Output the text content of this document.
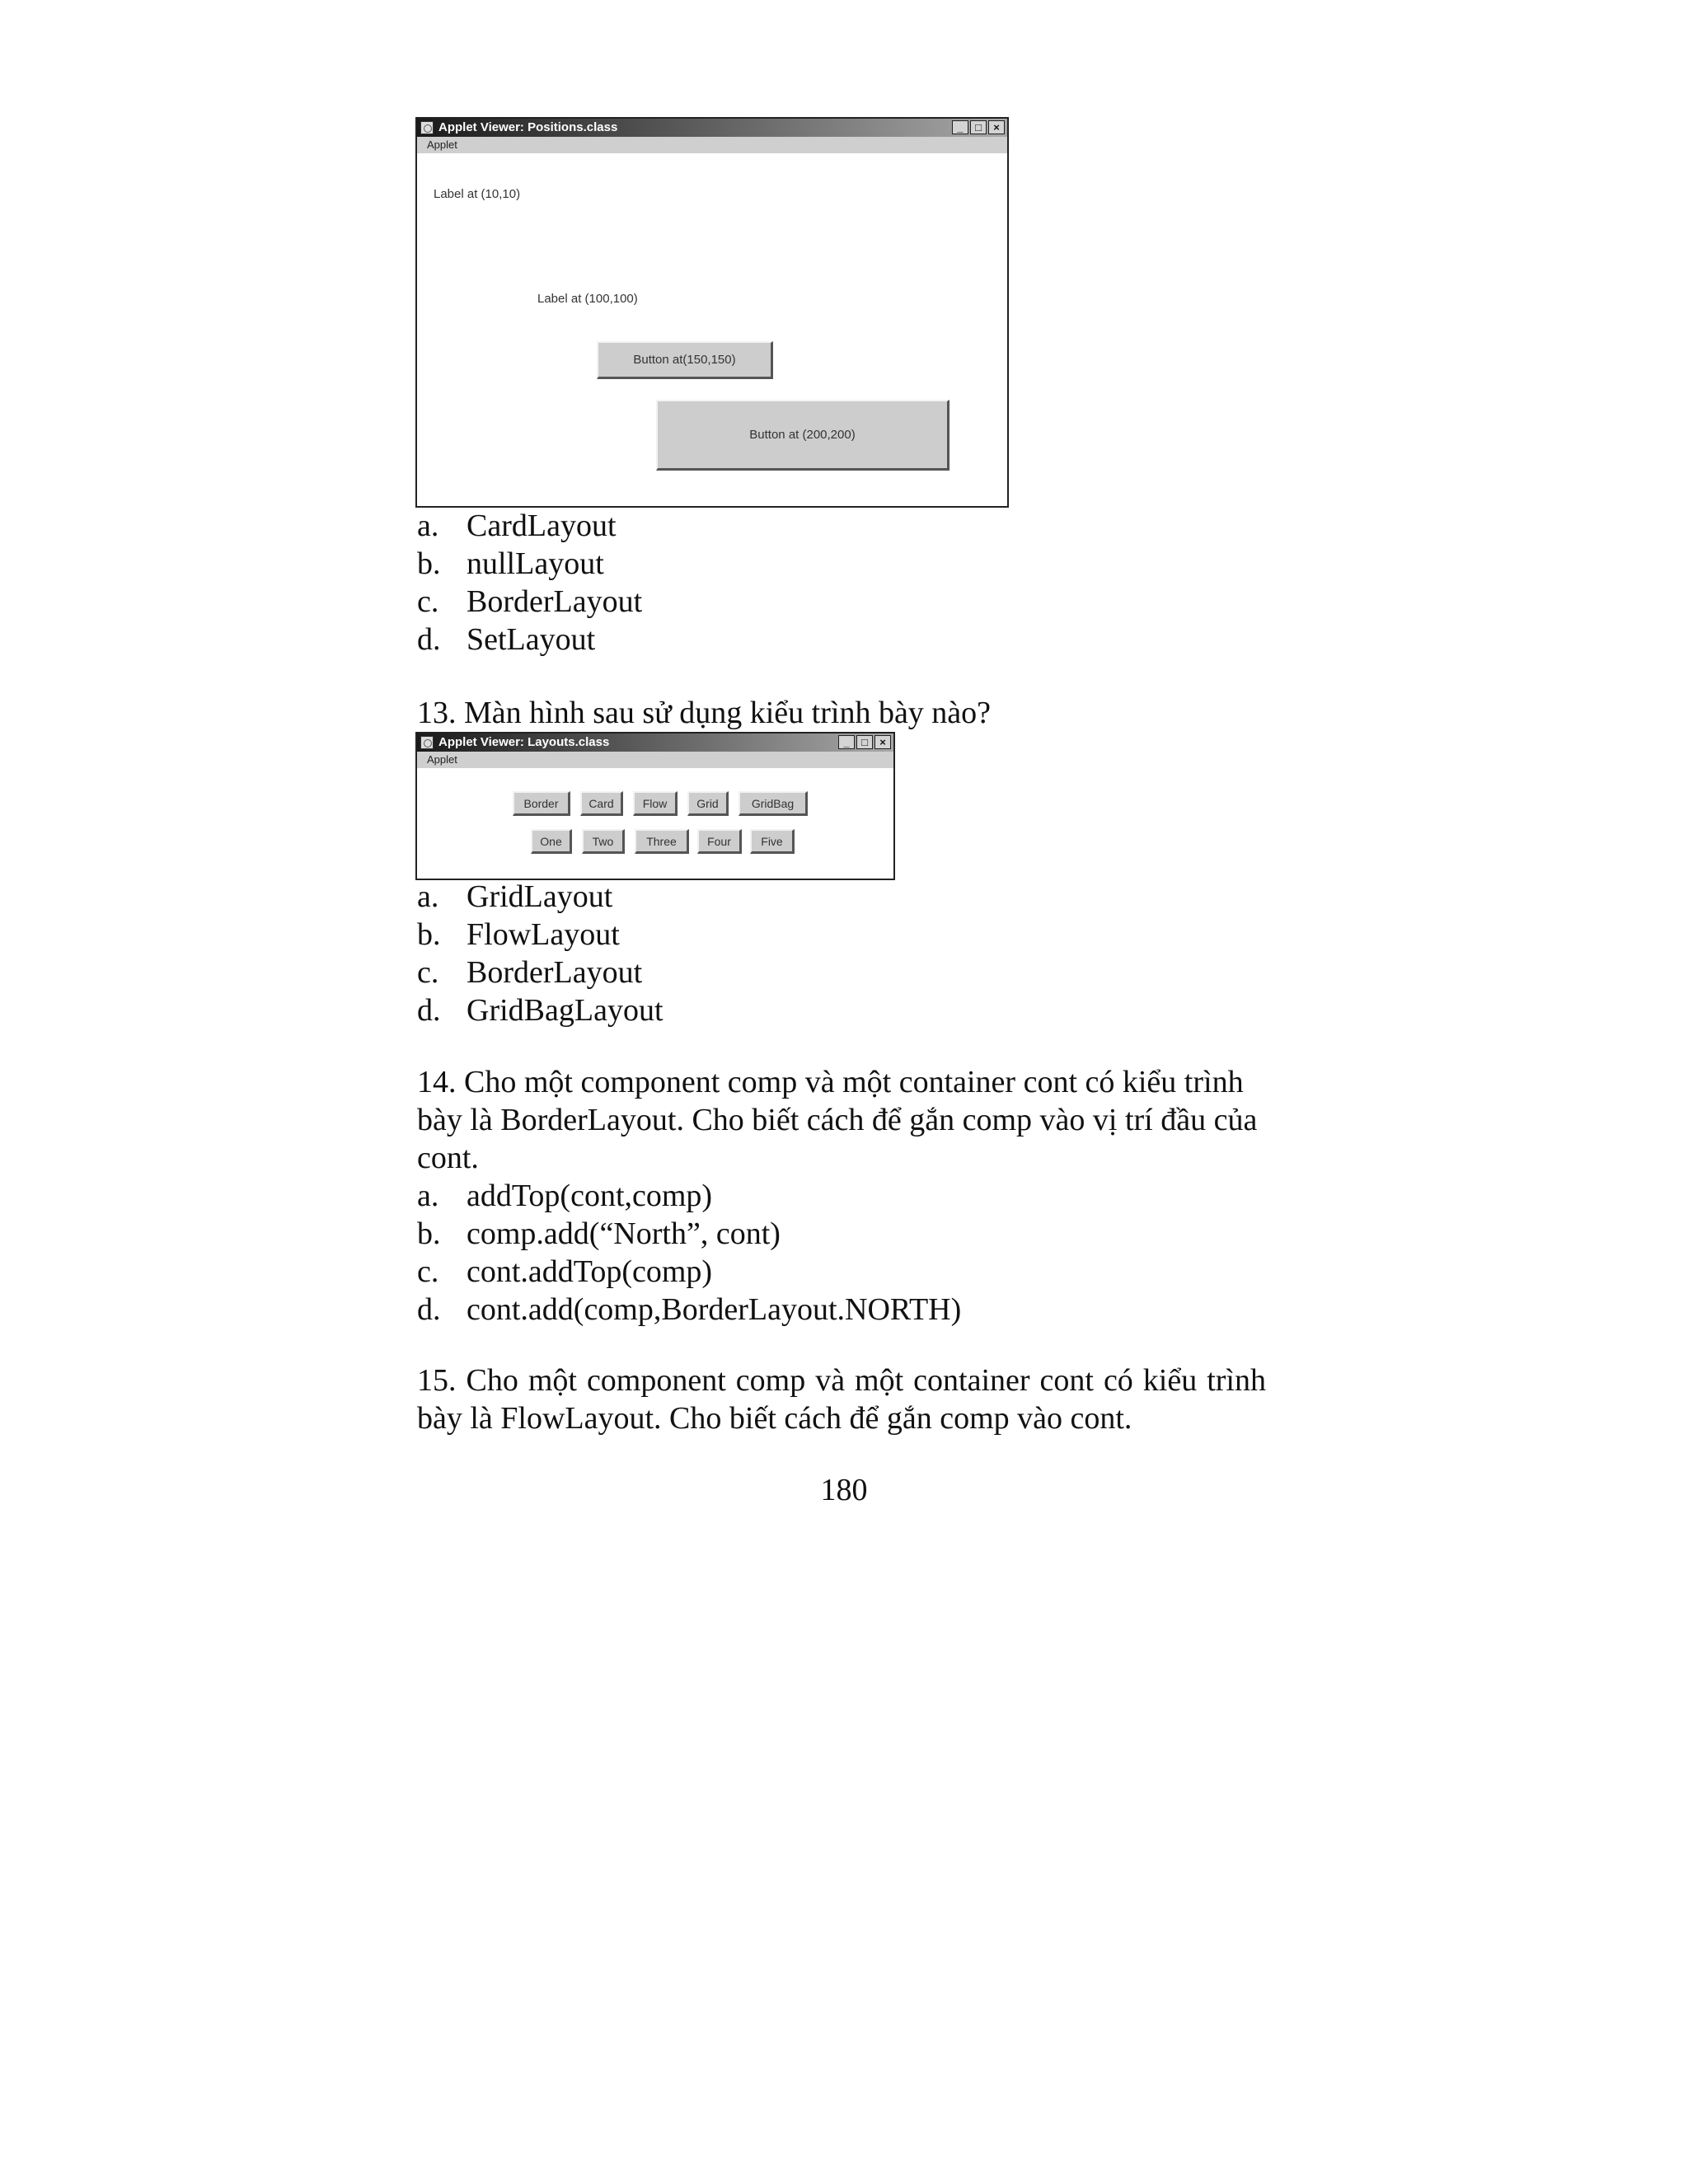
Applet Viewer: Positions.class	_	□	×
Applet
Label at (10,10)
Label at (100,100)
Button at(150,150)
Button at (200,200)
a. CardLayout
b. nullLayout
c. BorderLayout
d. SetLayout
13. Màn hình sau sử dụng kiểu trình bày nào?
Applet Viewer: Layouts.class	_	□	×
Applet
Border	Card	Flow	Grid	GridBag
One	Two	Three	Four	Five
a. GridLayout
b. FlowLayout
c. BorderLayout
d. GridBagLayout
14. Cho một component comp và một container cont có kiểu trình bày là BorderLayout. Cho biết cách để gắn comp vào vị trí đầu của cont.
a. addTop(cont,comp)
b. comp.add(“North”, cont)
c. cont.addTop(comp)
d. cont.add(comp,BorderLayout.NORTH)
15. Cho một component comp và một container cont có kiểu trình bày là FlowLayout. Cho biết cách để gắn comp vào cont.
180
